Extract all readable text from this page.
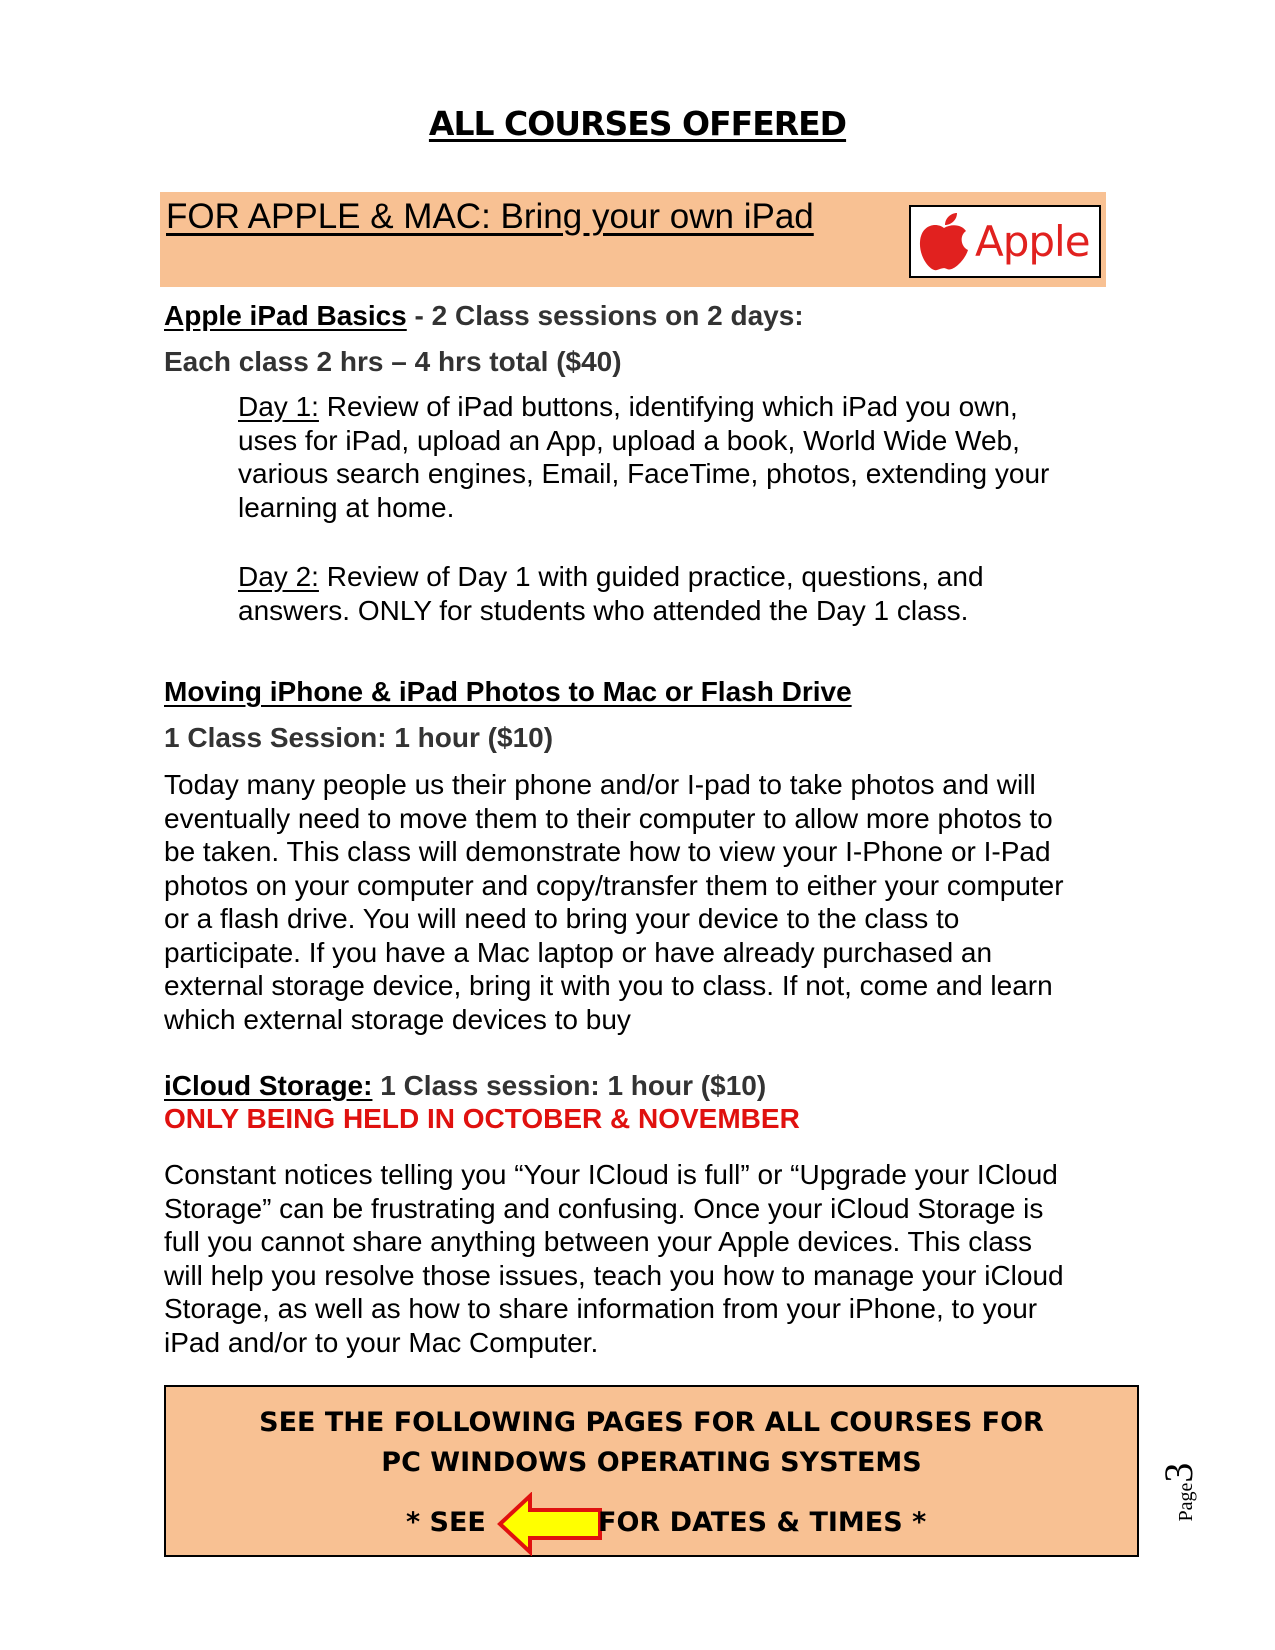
ALL COURSES OFFERED
FOR APPLE & MAC: Bring your own iPad
Apple
Apple iPad Basics - 2 Class sessions on 2 days:
Each class 2 hrs – 4 hrs total ($40)
Day 1: Review of iPad buttons, identifying which iPad you own,
uses for iPad, upload an App, upload a book, World Wide Web,
various search engines, Email, FaceTime, photos, extending your
learning at home.
Day 2: Review of Day 1 with guided practice, questions, and
answers. ONLY for students who attended the Day 1 class.
Moving iPhone & iPad Photos to Mac or Flash Drive
1 Class Session: 1 hour ($10)
Today many people us their phone and/or I-pad to take photos and will
eventually need to move them to their computer to allow more photos to
be taken. This class will demonstrate how to view your I-Phone or I-Pad
photos on your computer and copy/transfer them to either your computer
or a flash drive. You will need to bring your device to the class to
participate. If you have a Mac laptop or have already purchased an
external storage device, bring it with you to class. If not, come and learn
which external storage devices to buy
iCloud Storage: 1 Class session: 1 hour ($10)
ONLY BEING HELD IN OCTOBER & NOVEMBER
Constant notices telling you “Your ICloud is full” or “Upgrade your ICloud
Storage” can be frustrating and confusing. Once your iCloud Storage is
full you cannot share anything between your Apple devices. This class
will help you resolve those issues, teach you how to manage your iCloud
Storage, as well as how to share information from your iPhone, to your
iPad and/or to your Mac Computer.
SEE THE FOLLOWING PAGES FOR ALL COURSES FOR
PC WINDOWS OPERATING SYSTEMS
* SEE	FOR DATES & TIMES *
Page
3
